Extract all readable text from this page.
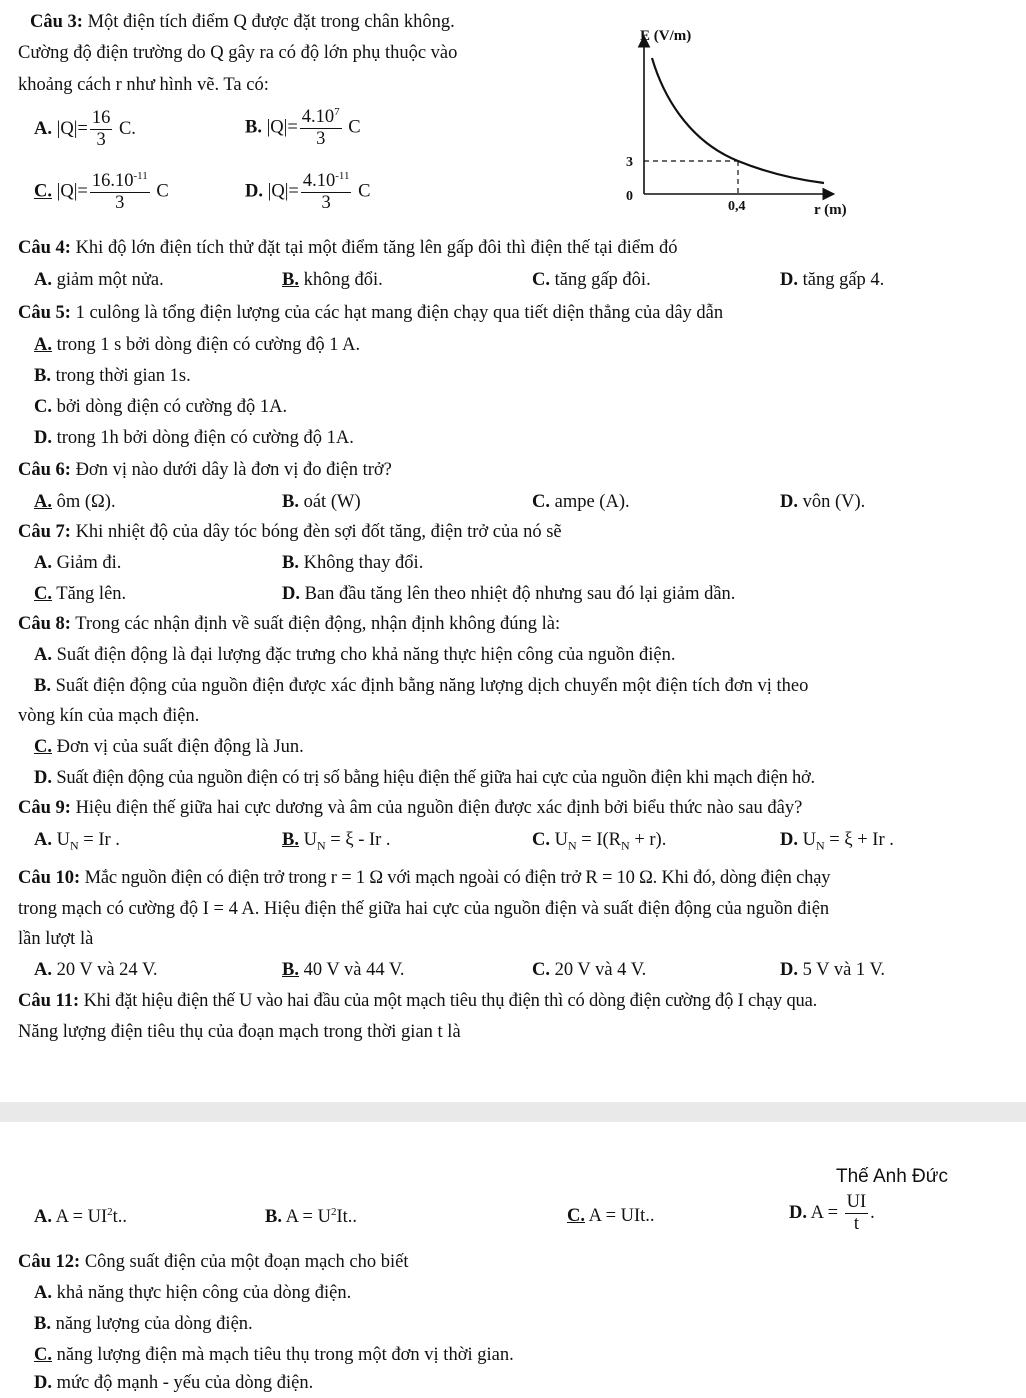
Câu 3: Một điện tích điểm Q được đặt trong chân không.
Cường độ điện trường do Q gây ra có độ lớn phụ thuộc vào
khoảng cách r như hình vẽ. Ta có:
A. $|Q|= \frac{16}{3} C$.	B. $|Q|= \frac{4.10^7}{3}$ C
C. $|Q|= \frac{16.10^{-11}}{3}$ C	D. $|Q|= \frac{4.10^{-11}}{3}$ C
E (V/m)
r (m)
0
3
0,4
Câu 4: Khi độ lớn điện tích thử đặt tại một điểm tăng lên gấp đôi thì điện thế tại điểm đó
A. giảm một nửa.	B. không đổi.	C. tăng gấp đôi.	D. tăng gấp 4.
Câu 5: 1 culông là tổng điện lượng của các hạt mang điện chạy qua tiết diện thẳng của dây dẫn
A. trong 1 s bởi dòng điện có cường độ 1 A.
B. trong thời gian 1s.
C. bởi dòng điện có cường độ 1A.
D. trong 1h bởi dòng điện có cường độ 1A.
Câu 6: Đơn vị nào dưới dây là đơn vị đo điện trở?
A. ôm (Ω).	B. oát (W)	C. ampe (A).	D. vôn (V).
Câu 7: Khi nhiệt độ của dây tóc bóng đèn sợi đốt tăng, điện trở của nó sẽ
A. Giảm đi.	B. Không thay đổi.
C. Tăng lên.	D. Ban đầu tăng lên theo nhiệt độ nhưng sau đó lại giảm dần.
Câu 8: Trong các nhận định về suất điện động, nhận định không đúng là:
A. Suất điện động là đại lượng đặc trưng cho khả năng thực hiện công của nguồn điện.
B. Suất điện động của nguồn điện được xác định bằng năng lượng dịch chuyển một điện tích đơn vị theo
vòng kín của mạch điện.
C. Đơn vị của suất điện động là Jun.
D. Suất điện động của nguồn điện có trị số bằng hiệu điện thế giữa hai cực của nguồn điện khi mạch điện hở.
Câu 9: Hiệu điện thế giữa hai cực dương và âm của nguồn điện được xác định bởi biểu thức nào sau đây?
A. $U_N = Ir$ .	B. $U_N = \xi - Ir$ .	C. $U_N = I(R_N + r)$.	D. $U_N = \xi + Ir$ .
Câu 10: Mắc nguồn điện có điện trở trong r = 1 Ω với mạch ngoài có điện trở R = 10 Ω. Khi đó, dòng điện chạy
trong mạch có cường độ I = 4 A. Hiệu điện thế giữa hai cực của nguồn điện và suất điện động của nguồn điện
lần lượt là
A. 20 V và 24 V.	B. 40 V và 44 V.	C. 20 V và 4 V.	D. 5 V và 1 V.
Câu 11: Khi đặt hiệu điện thế U vào hai đầu của một mạch tiêu thụ điện thì có dòng điện cường độ I chạy qua.
Năng lượng điện tiêu thụ của đoạn mạch trong thời gian t là
Thế Anh Đức
A. $A = UI^2t$..	B. $A = U^2It$..	C. A = UIt..	D. $A = \frac{UI}{t}$ .
Câu 12: Công suất điện của một đoạn mạch cho biết
A. khả năng thực hiện công của dòng điện.
B. năng lượng của dòng điện.
C. năng lượng điện mà mạch tiêu thụ trong một đơn vị thời gian.
D. mức độ mạnh - yếu của dòng điện.
